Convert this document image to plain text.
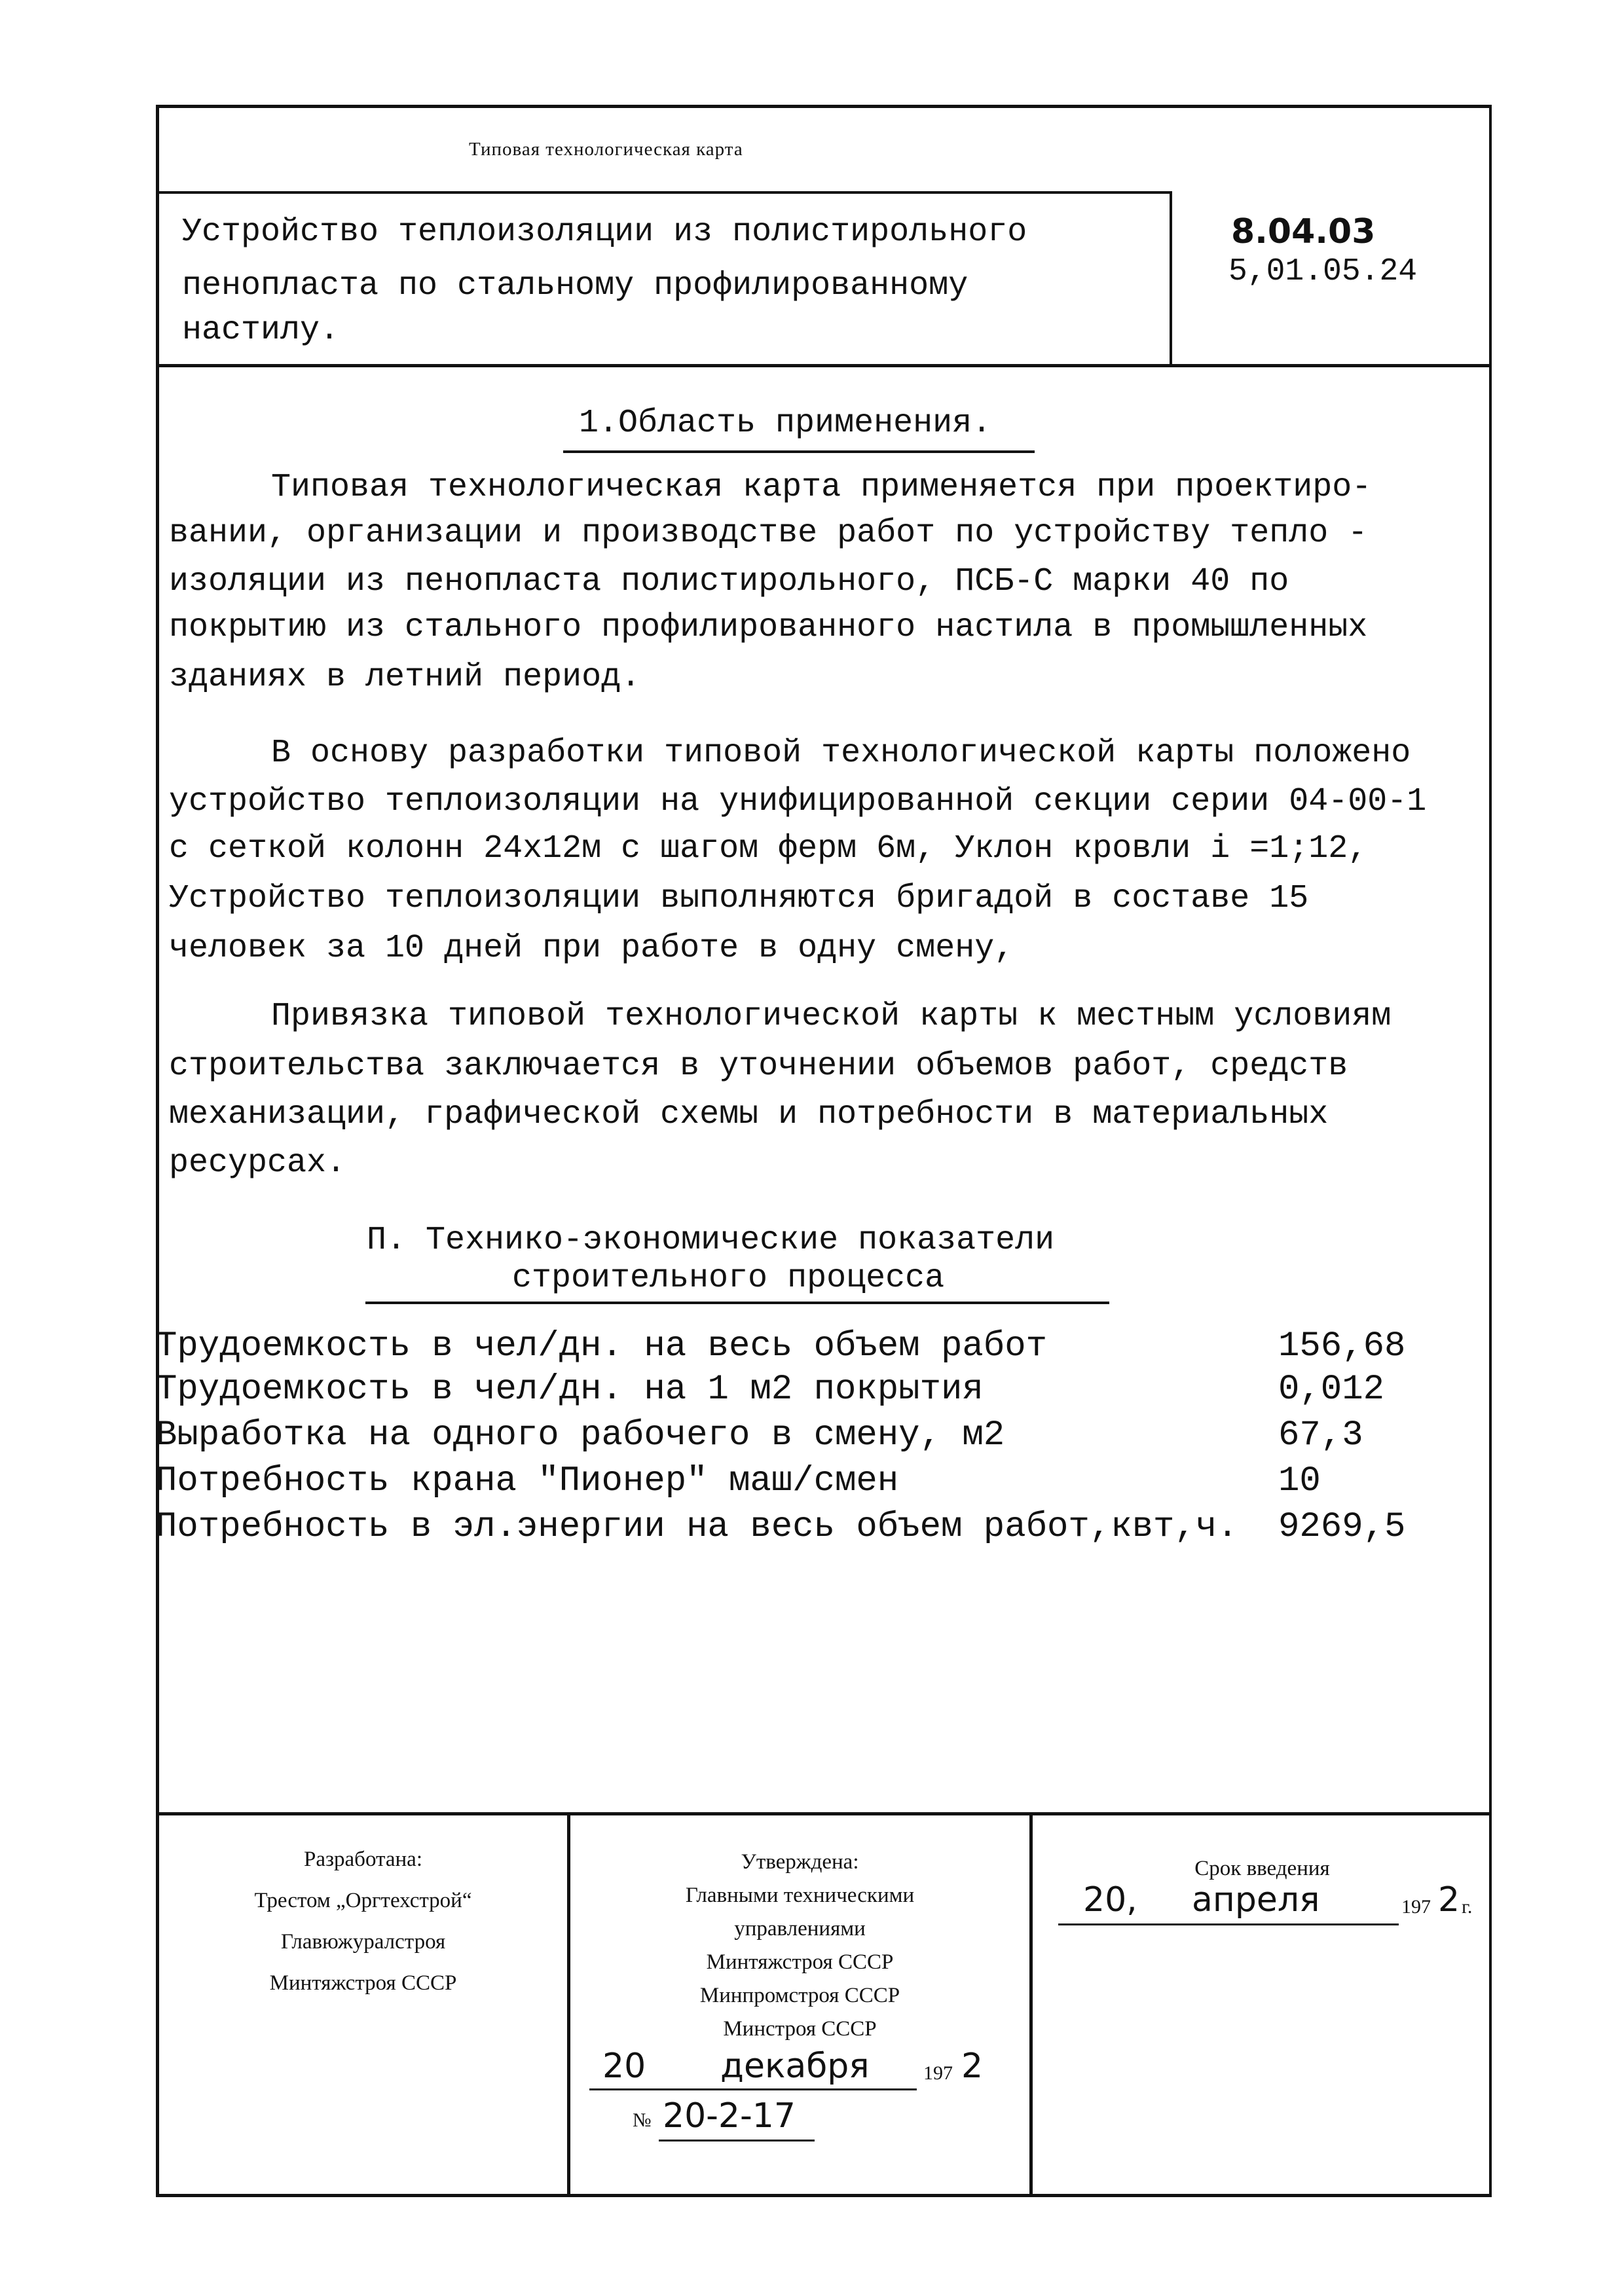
Типовая технологическая карта
Устройство теплоизоляции из полистирольного
пенопласта по стальному профилированному
настилу.
8.04.03
5,01.05.24
1.Область применения.
Типовая технологическая карта применяется при проектиро-
вании, организации и производстве работ по устройству тепло -
изоляции из пенопласта полистирольного, ПСБ-С марки 40 по
покрытию из стального профилированного настила в промышленных
зданиях в летний период.
В основу разработки типовой технологической карты положено
устройство теплоизоляции на унифицированной секции серии 04-00-1
с сеткой колонн 24х12м с шагом ферм 6м, Уклон кровли i =1;12,
Устройство теплоизоляции выполняются бригадой в составе 15
человек за 10 дней при работе в одну смену,
Привязка типовой технологической карты к местным условиям
строительства заключается в уточнении объемов работ, средств
механизации, графической схемы и потребности в материальных
ресурсах.
П. Технико-экономические показатели
строительного процесса
Трудоемкость в чел/дн. на весь объем работ	156,68
Трудоемкость в чел/дн. на 1 м2 покрытия	0,012
Выработка на одного рабочего в смену, м2	67,3
Потребность крана "Пионер" маш/смен	10
Потребность в эл.энергии на весь объем работ,квт,ч. 9269,5
Разработана:
Трестом „Оргтехстрой“
Главюжуралстроя
Минтяжстроя СССР
Утверждена:
Главными техническими
управлениями
Минтяжстроя СССР
Минпромстроя СССР
Минстроя СССР
20 декабря	197 2
№ 20-2-17
Срок введения
20, апреля	197 2 г.
